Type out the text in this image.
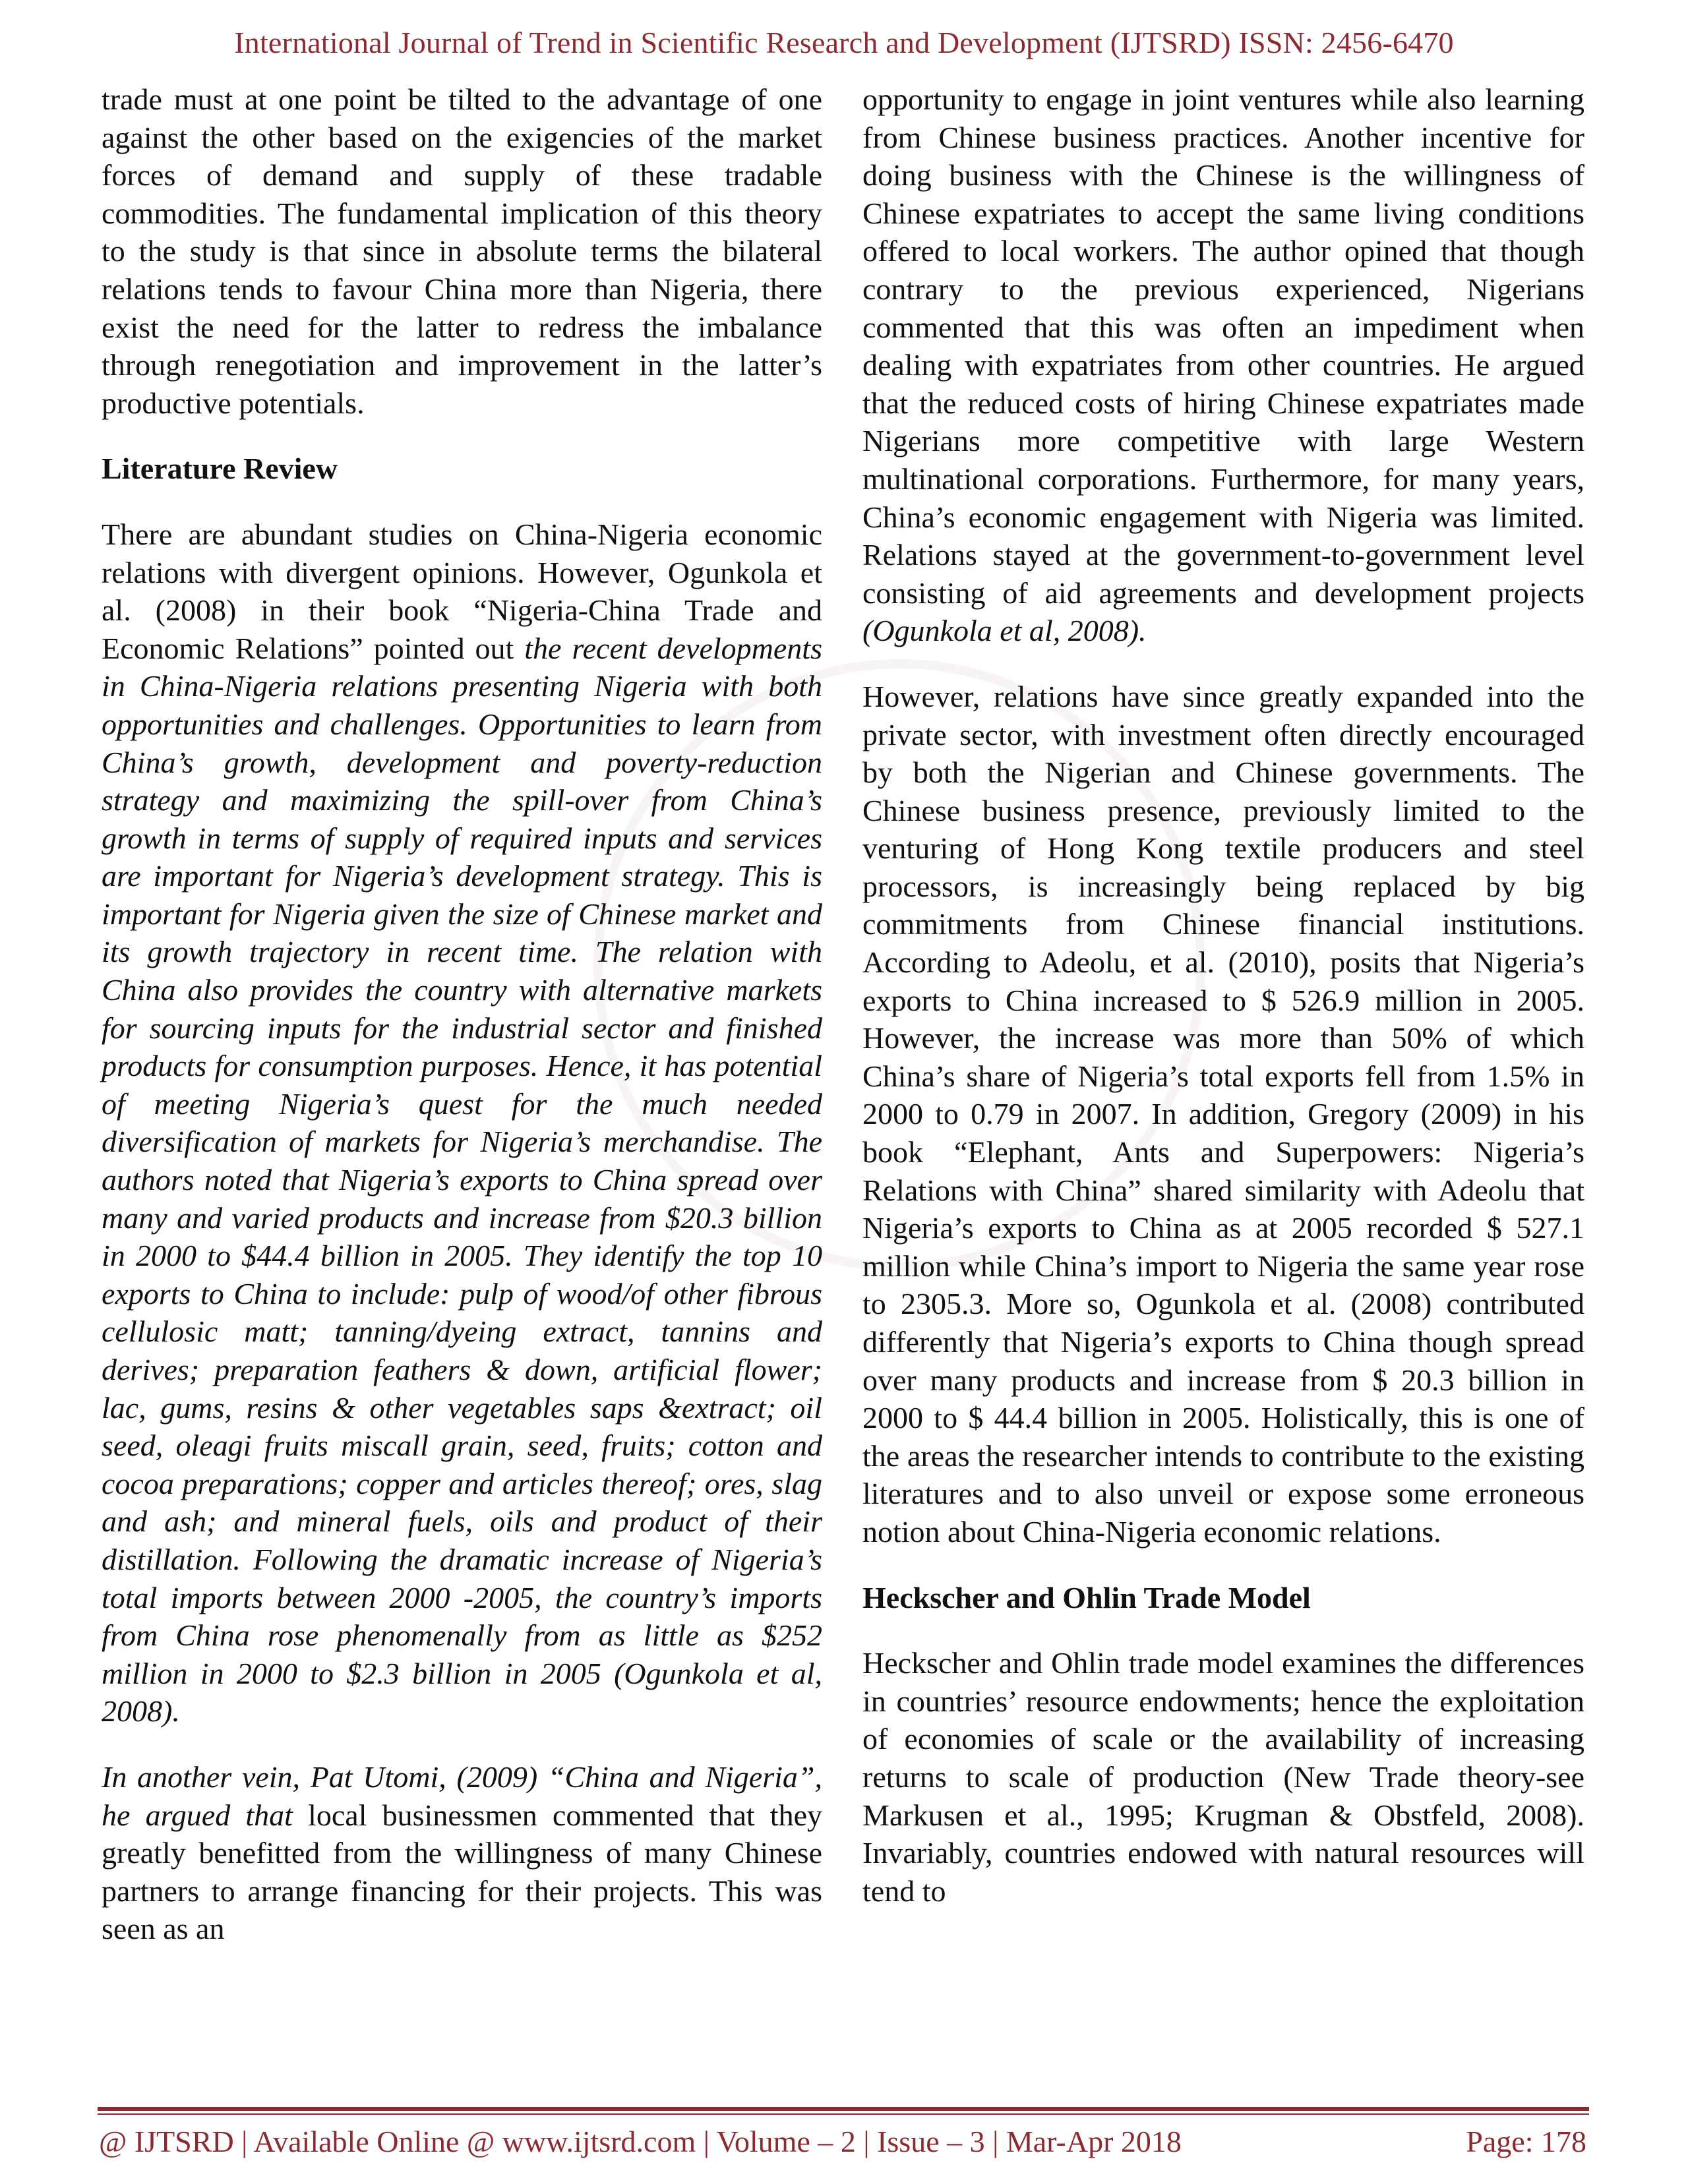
International Journal of Trend in Scientific Research and Development (IJTSRD) ISSN: 2456-6470

trade must at one point be tilted to the advantage of one against the other based on the exigencies of the market forces of demand and supply of these tradable commodities. The fundamental implication of this theory to the study is that since in absolute terms the bilateral relations tends to favour China more than Nigeria, there exist the need for the latter to redress the imbalance through renegotiation and improvement in the latter’s productive potentials.

Literature Review

There are abundant studies on China-Nigeria economic relations with divergent opinions. However, Ogunkola et al. (2008) in their book “Nigeria-China Trade and Economic Relations” pointed out the recent developments in China-Nigeria relations presenting Nigeria with both opportunities and challenges. Opportunities to learn from China’s growth, development and poverty-reduction strategy and maximizing the spill-over from China’s growth in terms of supply of required inputs and services are important for Nigeria’s development strategy. This is important for Nigeria given the size of Chinese market and its growth trajectory in recent time. The relation with China also provides the country with alternative markets for sourcing inputs for the industrial sector and finished products for consumption purposes. Hence, it has potential of meeting Nigeria’s quest for the much needed diversification of markets for Nigeria’s merchandise. The authors noted that Nigeria’s exports to China spread over many and varied products and increase from $20.3 billion in 2000 to $44.4 billion in 2005. They identify the top 10 exports to China to include: pulp of wood/of other fibrous cellulosic matt; tanning/dyeing extract, tannins and derives; preparation feathers & down, artificial flower; lac, gums, resins & other vegetables saps &extract; oil seed, oleagi fruits miscall grain, seed, fruits; cotton and cocoa preparations; copper and articles thereof; ores, slag and ash; and mineral fuels, oils and product of their distillation. Following the dramatic increase of Nigeria’s total imports between 2000 -2005, the country’s imports from China rose phenomenally from as little as $252 million in 2000 to $2.3 billion in 2005 (Ogunkola et al, 2008).

In another vein, Pat Utomi, (2009) “China and Nigeria”, he argued that local businessmen commented that they greatly benefitted from the willingness of many Chinese partners to arrange financing for their projects. This was seen as an

opportunity to engage in joint ventures while also learning from Chinese business practices. Another incentive for doing business with the Chinese is the willingness of Chinese expatriates to accept the same living conditions offered to local workers. The author opined that though contrary to the previous experienced, Nigerians commented that this was often an impediment when dealing with expatriates from other countries. He argued that the reduced costs of hiring Chinese expatriates made Nigerians more competitive with large Western multinational corporations. Furthermore, for many years, China’s economic engagement with Nigeria was limited. Relations stayed at the government-to-government level consisting of aid agreements and development projects (Ogunkola et al, 2008).

However, relations have since greatly expanded into the private sector, with investment often directly encouraged by both the Nigerian and Chinese governments. The Chinese business presence, previously limited to the venturing of Hong Kong textile producers and steel processors, is increasingly being replaced by big commitments from Chinese financial institutions. According to Adeolu, et al. (2010), posits that Nigeria’s exports to China increased to $ 526.9 million in 2005. However, the increase was more than 50% of which China’s share of Nigeria’s total exports fell from 1.5% in 2000 to 0.79 in 2007. In addition, Gregory (2009) in his book “Elephant, Ants and Superpowers: Nigeria’s Relations with China” shared similarity with Adeolu that Nigeria’s exports to China as at 2005 recorded $ 527.1 million while China’s import to Nigeria the same year rose to 2305.3. More so, Ogunkola et al. (2008) contributed differently that Nigeria’s exports to China though spread over many products and increase from $ 20.3 billion in 2000 to $ 44.4 billion in 2005. Holistically, this is one of the areas the researcher intends to contribute to the existing literatures and to also unveil or expose some erroneous notion about China-Nigeria economic relations.

Heckscher and Ohlin Trade Model

Heckscher and Ohlin trade model examines the differences in countries’ resource endowments; hence the exploitation of economies of scale or the availability of increasing returns to scale of production (New Trade theory-see Markusen et al., 1995; Krugman & Obstfeld, 2008). Invariably, countries endowed with natural resources will tend to

@ IJTSRD | Available Online @ www.ijtsrd.com | Volume – 2 | Issue – 3 | Mar-Apr 2018	Page: 178
